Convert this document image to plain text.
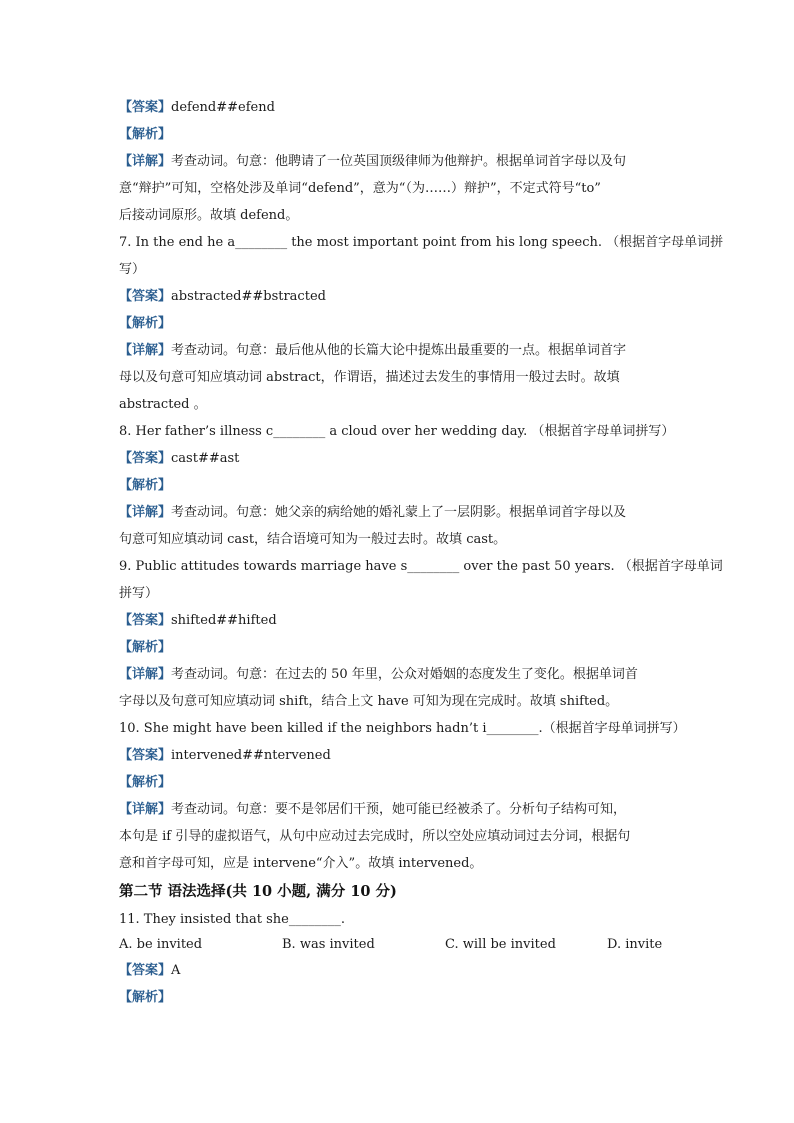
【答案】defend##efend
【解析】
【详解】考查动词。句意：他聘请了一位英国顶级律师为他辩护。根据单词首字母以及句
意“辩护”可知，空格处涉及单词“defend”，意为“（为……）辩护”，不定式符号“to”
后接动词原形。故填 defend。
7. In the end he a________ the most important point from his long speech. （根据首字母单词拼
写）
【答案】abstracted##bstracted
【解析】
【详解】考查动词。句意：最后他从他的长篇大论中提炼出最重要的一点。根据单词首字
母以及句意可知应填动词 abstract，作谓语，描述过去发生的事情用一般过去时。故填
abstracted 。
8. Her father’s illness c________ a cloud over her wedding day. （根据首字母单词拼写）
【答案】cast##ast
【解析】
【详解】考查动词。句意：她父亲的病给她的婚礼蒙上了一层阴影。根据单词首字母以及
句意可知应填动词 cast，结合语境可知为一般过去时。故填 cast。
9. Public attitudes towards marriage have s________ over the past 50 years. （根据首字母单词
拼写）
【答案】shifted##hifted
【解析】
【详解】考查动词。句意：在过去的 50 年里，公众对婚姻的态度发生了变化。根据单词首
字母以及句意可知应填动词 shift，结合上文 have 可知为现在完成时。故填 shifted。
10. She might have been killed if the neighbors hadn’t i________.（根据首字母单词拼写）
【答案】intervened##ntervened
【解析】
【详解】考查动词。句意：要不是邻居们干预，她可能已经被杀了。分析句子结构可知，
本句是 if 引导的虚拟语气，从句中应动过去完成时，所以空处应填动词过去分词，根据句
意和首字母可知，应是 intervene“介入”。故填 intervened。
第二节 语法选择(共 10 小题, 满分 10 分)
11. They insisted that she________.
A. be invited	B. was invited	C. will be invited	D. invite
【答案】A
【解析】
